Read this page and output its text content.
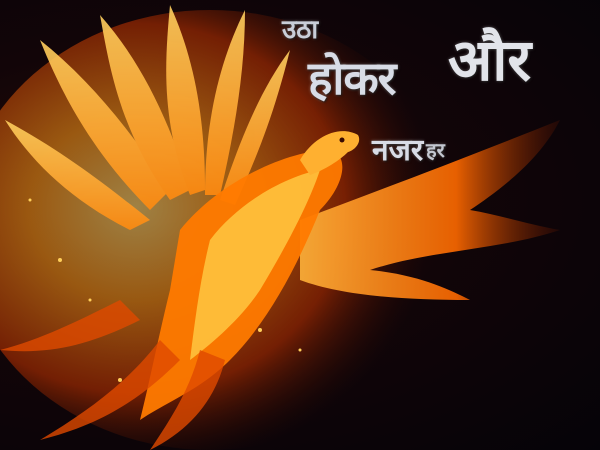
उठा
होकर और
नजर हर
